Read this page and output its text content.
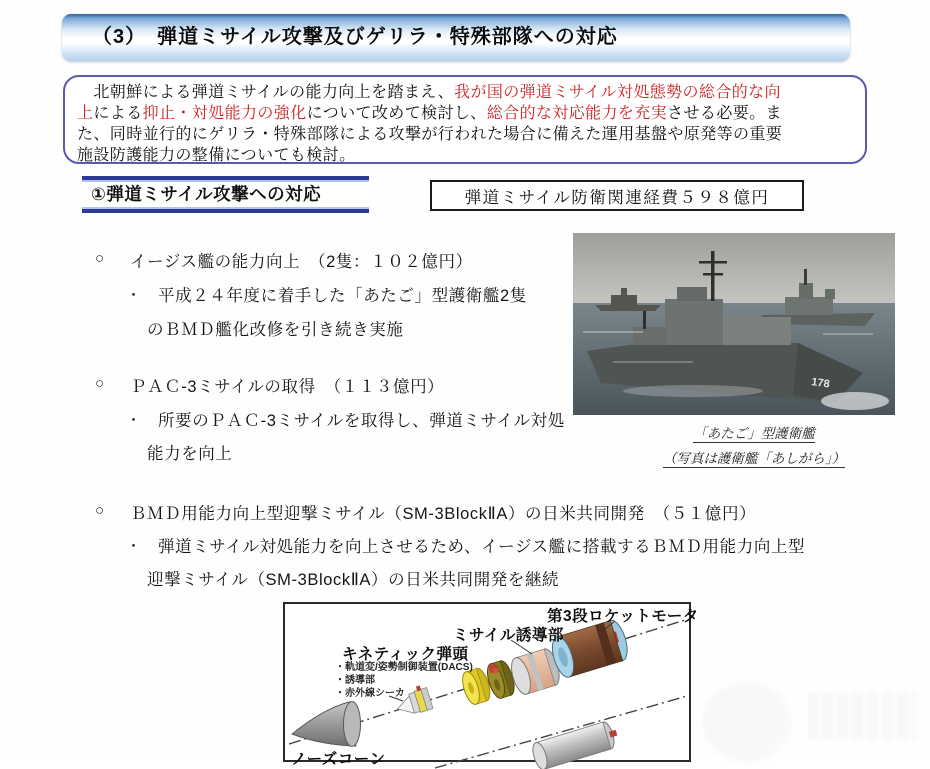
（3）　弾道ミサイル攻撃及びゲリラ・特殊部隊への対応
　北朝鮮による弾道ミサイルの能力向上を踏まえ、我が国の弾道ミサイル対処態勢の総合的な向
上による抑止・対処能力の強化について改めて検討し、総合的な対応能力を充実させる必要。ま
た、同時並行的にゲリラ・特殊部隊による攻撃が行われた場合に備えた運用基盤や原発等の重要
施設防護能力の整備についても検討。
①弾道ミサイル攻撃への対応	弾道ミサイル防衛関連経費５９８億円
○ イージス艦の能力向上　（2隻：１０２億円）
・ 平成２４年度に着手した「あたご」型護衛艦2隻
のＢＭＤ艦化改修を引き続き実施
○ ＰＡＣ-3ミサイルの取得　（１１３億円）
・ 所要のＰＡＣ-3ミサイルを取得し、弾道ミサイル対処
能力を向上
○ ＢＭＤ用能力向上型迎撃ミサイル（SM-3BlockⅡA）の日米共同開発　（５１億円）
・ 弾道ミサイル対処能力を向上させるため、イージス艦に搭載するＢＭＤ用能力向上型
迎撃ミサイル（SM-3BlockⅡA）の日米共同開発を継続
178
「あたご」型護衛艦
（写真は護衛艦「あしがら」）
第3段ロケットモータ
ミサイル誘導部
キネティック弾頭
・軌道変/姿勢制御装置(DACS)
・誘導部
・赤外線シーカ
ノーズコーン
